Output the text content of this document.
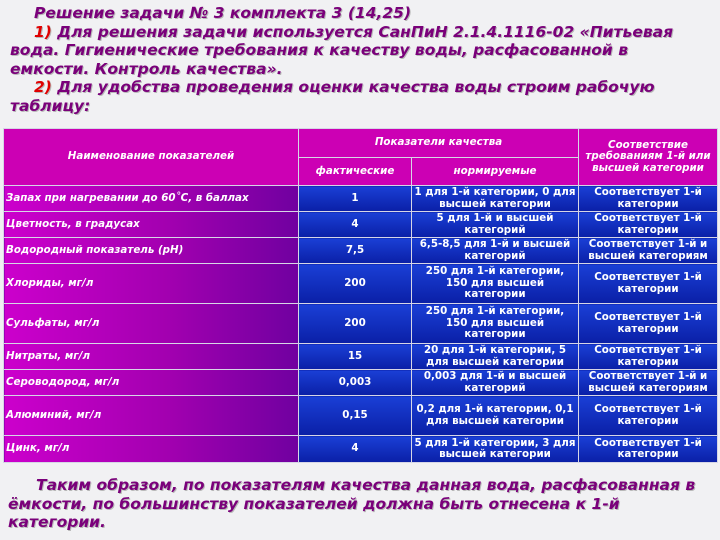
Решение задачи № 3 комплекта 3 (14,25)

1) Для решения задачи используется СанПиН 2.1.4.1116-02 «Питьевая вода. Гигиенические требования к качеству воды, расфасованной в емкости. Контроль качества».

2) Для удобства проведения оценки качества воды строим рабочую таблицу:

Наименование показателей	Показатели качества		Соответствие требованиям 1-й или высшей категории
	фактические	нормируемые	
Запах при нагревании до 60˚С, в баллах	1	1 для 1-й категории, 0 для высшей категории	Соответствует 1-й категории
Цветность, в градусах	4	5 для 1-й и высшей категорий	Соответствует 1-й категории
Водородный показатель (рН)	7,5	6,5-8,5 для 1-й и высшей категорий	Соответствует 1-й и высшей категориям
Хлориды, мг/л	200	250 для 1-й категории, 150 для высшей категории	Соответствует 1-й категории
Сульфаты, мг/л	200	250 для 1-й категории, 150 для высшей категории	Соответствует 1-й категории
Нитраты, мг/л	15	20 для 1-й категории, 5 для высшей категории	Соответствует 1-й категории
Сероводород, мг/л	0,003	0,003 для 1-й и высшей категорий	Соответствует 1-й и высшей категориям
Алюминий, мг/л	0,15	0,2 для 1-й категории, 0,1 для высшей категории	Соответствует 1-й категории
Цинк, мг/л	4	5 для 1-й категории, 3 для высшей категории	Соответствует 1-й категории

Таким образом, по показателям качества данная вода, расфасованная в ёмкости, по большинству показателей должна быть отнесена к 1-й категории.
